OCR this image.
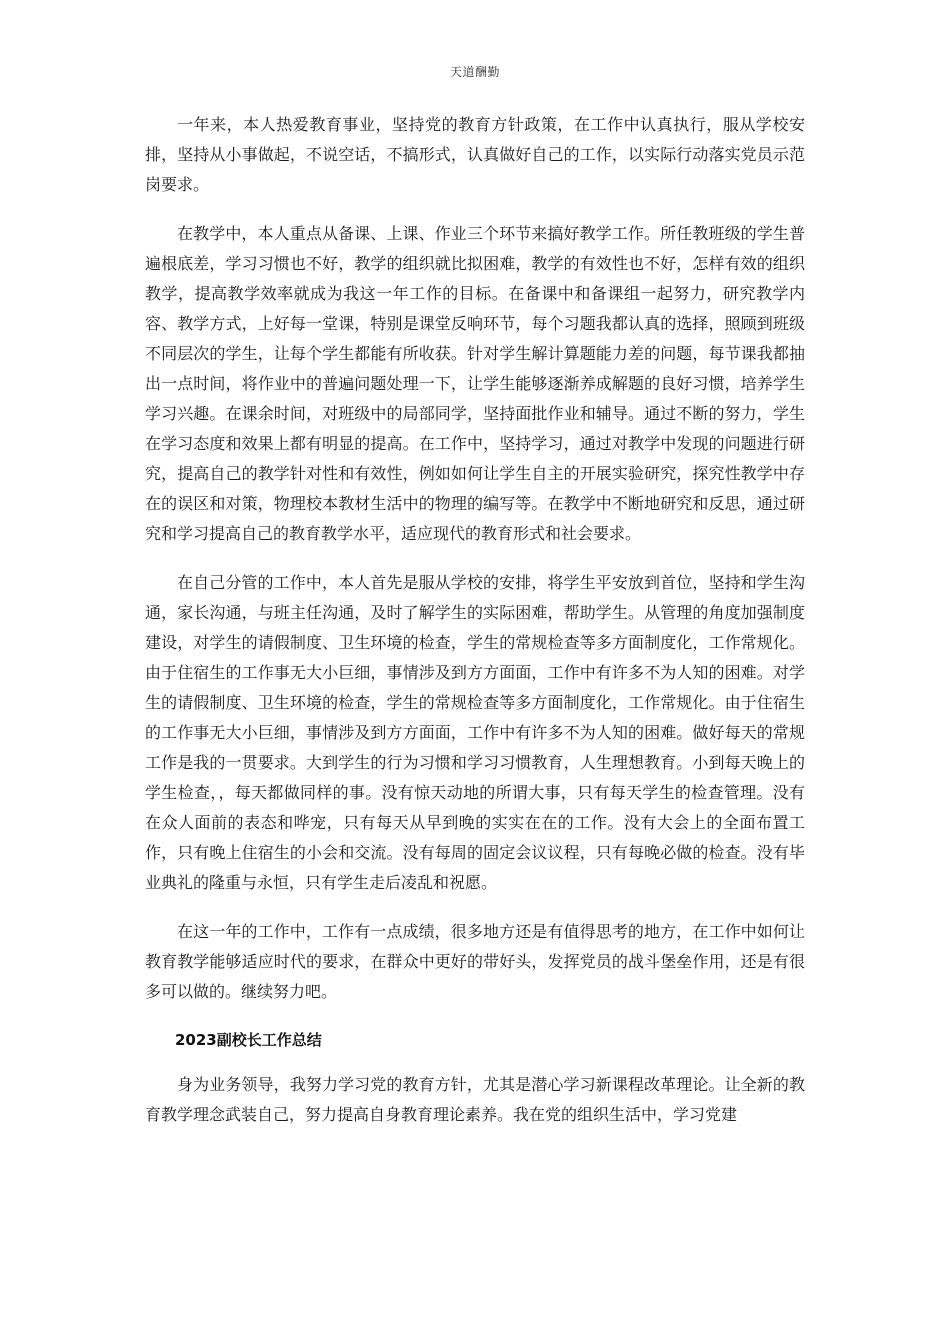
天道酬勤

一年来，本人热爱教育事业，坚持党的教育方针政策，在工作中认真执行，服从学校安排，坚持从小事做起，不说空话，不搞形式，认真做好自己的工作，以实际行动落实党员示范岗要求。

在教学中，本人重点从备课、上课、作业三个环节来搞好教学工作。所任教班级的学生普遍根底差，学习习惯也不好，教学的组织就比拟困难，教学的有效性也不好，怎样有效的组织教学，提高教学效率就成为我这一年工作的目标。在备课中和备课组一起努力，研究教学内容、教学方式，上好每一堂课，特别是课堂反响环节，每个习题我都认真的选择，照顾到班级不同层次的学生，让每个学生都能有所收获。针对学生解计算题能力差的问题，每节课我都抽出一点时间，将作业中的普遍问题处理一下，让学生能够逐渐养成解题的良好习惯，培养学生学习兴趣。在课余时间，对班级中的局部同学，坚持面批作业和辅导。通过不断的努力，学生在学习态度和效果上都有明显的提高。在工作中，坚持学习，通过对教学中发现的问题进行研究，提高自己的教学针对性和有效性，例如如何让学生自主的开展实验研究，探究性教学中存在的误区和对策，物理校本教材生活中的物理的编写等。在教学中不断地研究和反思，通过研究和学习提高自己的教育教学水平，适应现代的教育形式和社会要求。

在自己分管的工作中，本人首先是服从学校的安排，将学生平安放到首位，坚持和学生沟通，家长沟通，与班主任沟通，及时了解学生的实际困难，帮助学生。从管理的角度加强制度建设，对学生的请假制度、卫生环境的检查，学生的常规检查等多方面制度化，工作常规化。由于住宿生的工作事无大小巨细，事情涉及到方方面面，工作中有许多不为人知的困难。对学生的请假制度、卫生环境的检查，学生的常规检查等多方面制度化，工作常规化。由于住宿生的工作事无大小巨细，事情涉及到方方面面，工作中有许多不为人知的困难。做好每天的常规工作是我的一贯要求。大到学生的行为习惯和学习习惯教育，人生理想教育。小到每天晚上的学生检查，，每天都做同样的事。没有惊天动地的所谓大事，只有每天学生的检查管理。没有在众人面前的表态和哗宠，只有每天从早到晚的实实在在的工作。没有大会上的全面布置工作，只有晚上住宿生的小会和交流。没有每周的固定会议议程，只有每晚必做的检查。没有毕业典礼的隆重与永恒，只有学生走后凌乱和祝愿。

在这一年的工作中，工作有一点成绩，很多地方还是有值得思考的地方，在工作中如何让教育教学能够适应时代的要求，在群众中更好的带好头，发挥党员的战斗堡垒作用，还是有很多可以做的。继续努力吧。

2023副校长工作总结

身为业务领导，我努力学习党的教育方针，尤其是潜心学习新课程改革理论。让全新的教育教学理念武装自己，努力提高自身教育理论素养。我在党的组织生活中，学习党建
